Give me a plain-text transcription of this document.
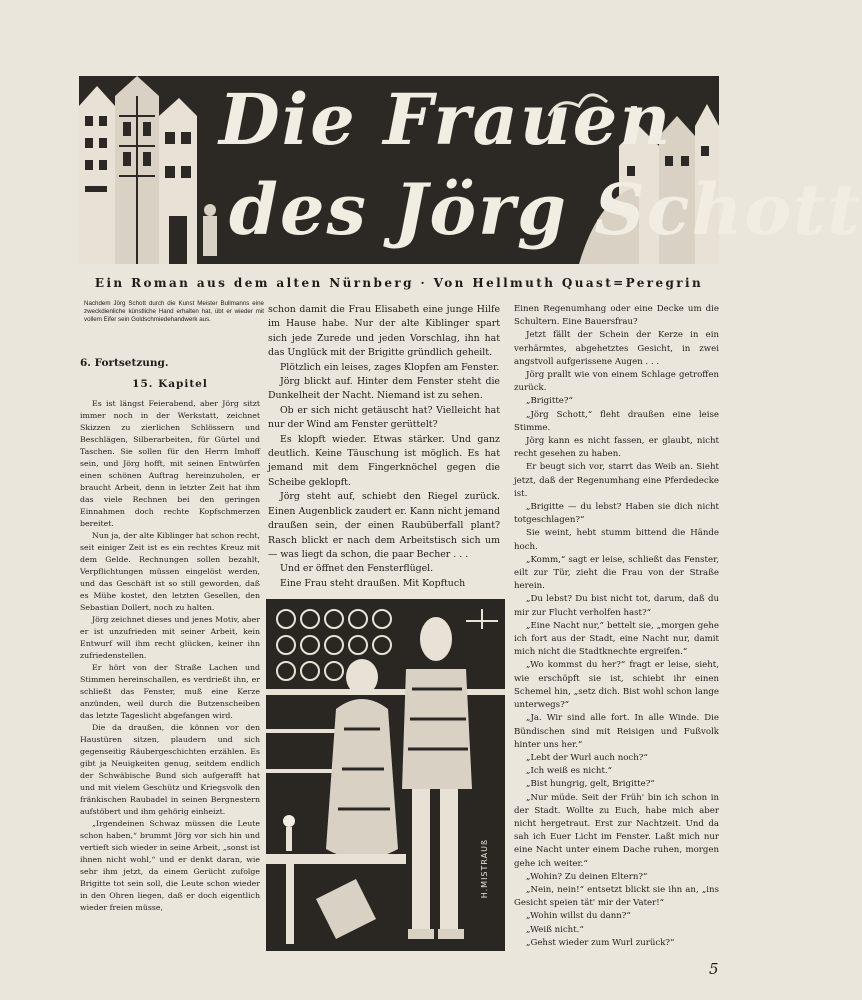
Die Frauen
des Jörg Schott
Ein Roman aus dem alten Nürnberg · Von Hellmuth Quast=Peregrin
Nachdem Jörg Schott durch die Kunst Meister Bullmanns eine zweckdienliche künstliche Hand erhalten hat, übt er wieder mit vollem Eifer sein Goldschmiedehandwerk aus.
6. Fortsetzung.
15. Kapitel

Es ist längst Feierabend, aber Jörg sitzt immer noch in der Werkstatt, zeichnet Skizzen zu zierlichen Schlössern und Beschlägen, Silberarbeiten, für Gürtel und Taschen. Sie sollen für den Herrn Imhoff sein, und Jörg hofft, mit seinen Entwürfen einen schönen Auftrag hereinzuholen, er braucht Arbeit, denn in letzter Zeit hat ihm das viele Rechnen bei den geringen Einnahmen doch rechte Kopfschmerzen bereitet.

Nun ja, der alte Kiblinger hat schon recht, seit einiger Zeit ist es ein rechtes Kreuz mit dem Gelde. Rechnungen sollen bezahlt, Verpflichtungen müssen eingelöst werden, und das Geschäft ist so still geworden, daß es Mühe kostet, den letzten Gesellen, den Sebastian Dollert, noch zu halten.

Jörg zeichnet dieses und jenes Motiv, aber er ist unzufrieden mit seiner Arbeit, kein Entwurf will ihm recht glücken, keiner ihn zufriedenstellen.

Er hört von der Straße Lachen und Stimmen hereinschallen, es verdrießt ihn, er schließt das Fenster, muß eine Kerze anzünden, weil durch die Butzenscheiben das letzte Tageslicht abgefangen wird.

Die da draußen, die können vor den Haustüren sitzen, plaudern und sich gegenseitig Räubergeschichten erzählen. Es gibt ja Neuigkeiten genug, seitdem endlich der Schwäbische Bund sich aufgerafft hat und mit vielem Geschütz und Kriegsvolk den fränkischen Raubadel in seinen Bergnestern aufstöbert und ihm gehörig einheizt.

„Irgendeinen Schwaz müssen die Leute schon haben,“ brummt Jörg vor sich hin und vertieft sich wieder in seine Arbeit, „sonst ist ihnen nicht wohl,“ und er denkt daran, wie sehr ihm jetzt, da einem Gerücht zufolge Brigitte tot sein soll, die Leute schon wieder in den Ohren liegen, daß er doch eigentlich wieder freien müsse,

schon damit die Frau Elisabeth eine junge Hilfe im Hause habe. Nur der alte Kiblinger spart sich jede Zurede und jeden Vorschlag, ihn hat das Unglück mit der Brigitte gründlich geheilt.

Plötzlich ein leises, zages Klopfen am Fenster.

Jörg blickt auf. Hinter dem Fenster steht die Dunkelheit der Nacht. Niemand ist zu sehen.

Ob er sich nicht getäuscht hat? Vielleicht hat nur der Wind am Fenster gerüttelt?

Es klopft wieder. Etwas stärker. Und ganz deutlich. Keine Täuschung ist möglich. Es hat jemand mit dem Fingerknöchel gegen die Scheibe geklopft.

Jörg steht auf, schiebt den Riegel zurück. Einen Augenblick zaudert er. Kann nicht jemand draußen sein, der einen Raubüberfall plant? Rasch blickt er nach dem Arbeitstisch sich um — was liegt da schon, die paar Becher . . .

Und er öffnet den Fensterflügel.

Eine Frau steht draußen. Mit Kopftuch

H.MISTRAUß

Einen Regenumhang oder eine Decke um die Schultern. Eine Bauersfrau?

Jetzt fällt der Schein der Kerze in ein verhärmtes, abgehetztes Gesicht, in zwei angstvoll aufgerissene Augen . . .

Jörg prallt wie von einem Schlage getroffen zurück.

„Brigitte?“

„Jörg Schott,“ fleht draußen eine leise Stimme.

Jörg kann es nicht fassen, er glaubt, nicht recht gesehen zu haben.

Er beugt sich vor, starrt das Weib an. Sieht jetzt, daß der Regenumhang eine Pferdedecke ist.

„Brigitte — du lebst? Haben sie dich nicht totgeschlagen?“

Sie weint, hebt stumm bittend die Hände hoch.

„Komm,“ sagt er leise, schließt das Fenster, eilt zur Tür, zieht die Frau von der Straße herein.

„Du lebst? Du bist nicht tot, darum, daß du mir zur Flucht verholfen hast?“

„Eine Nacht nur,“ bettelt sie, „morgen gehe ich fort aus der Stadt, eine Nacht nur, damit mich nicht die Stadtknechte ergreifen.“

„Wo kommst du her?“ fragt er leise, sieht, wie erschöpft sie ist, schiebt ihr einen Schemel hin, „setz dich. Bist wohl schon lange unterwegs?“

„Ja. Wir sind alle fort. In alle Winde. Die Bündischen sind mit Reisigen und Fußvolk hinter uns her.“

„Lebt der Wurl auch noch?“

„Ich weiß es nicht.“

„Bist hungrig, gelt, Brigitte?“

„Nur müde. Seit der Früh' bin ich schon in der Stadt. Wollte zu Euch, habe mich aber nicht hergetraut. Erst zur Nachtzeit. Und da sah ich Euer Licht im Fenster. Laßt mich nur eine Nacht unter einem Dache ruhen, morgen gehe ich weiter.“

„Wohin? Zu deinen Eltern?“

„Nein, nein!“ entsetzt blickt sie ihn an, „ins Gesicht speien tät' mir der Vater!“

„Wohin willst du dann?“

„Weiß nicht.“

„Gehst wieder zum Wurl zurück?“

5
